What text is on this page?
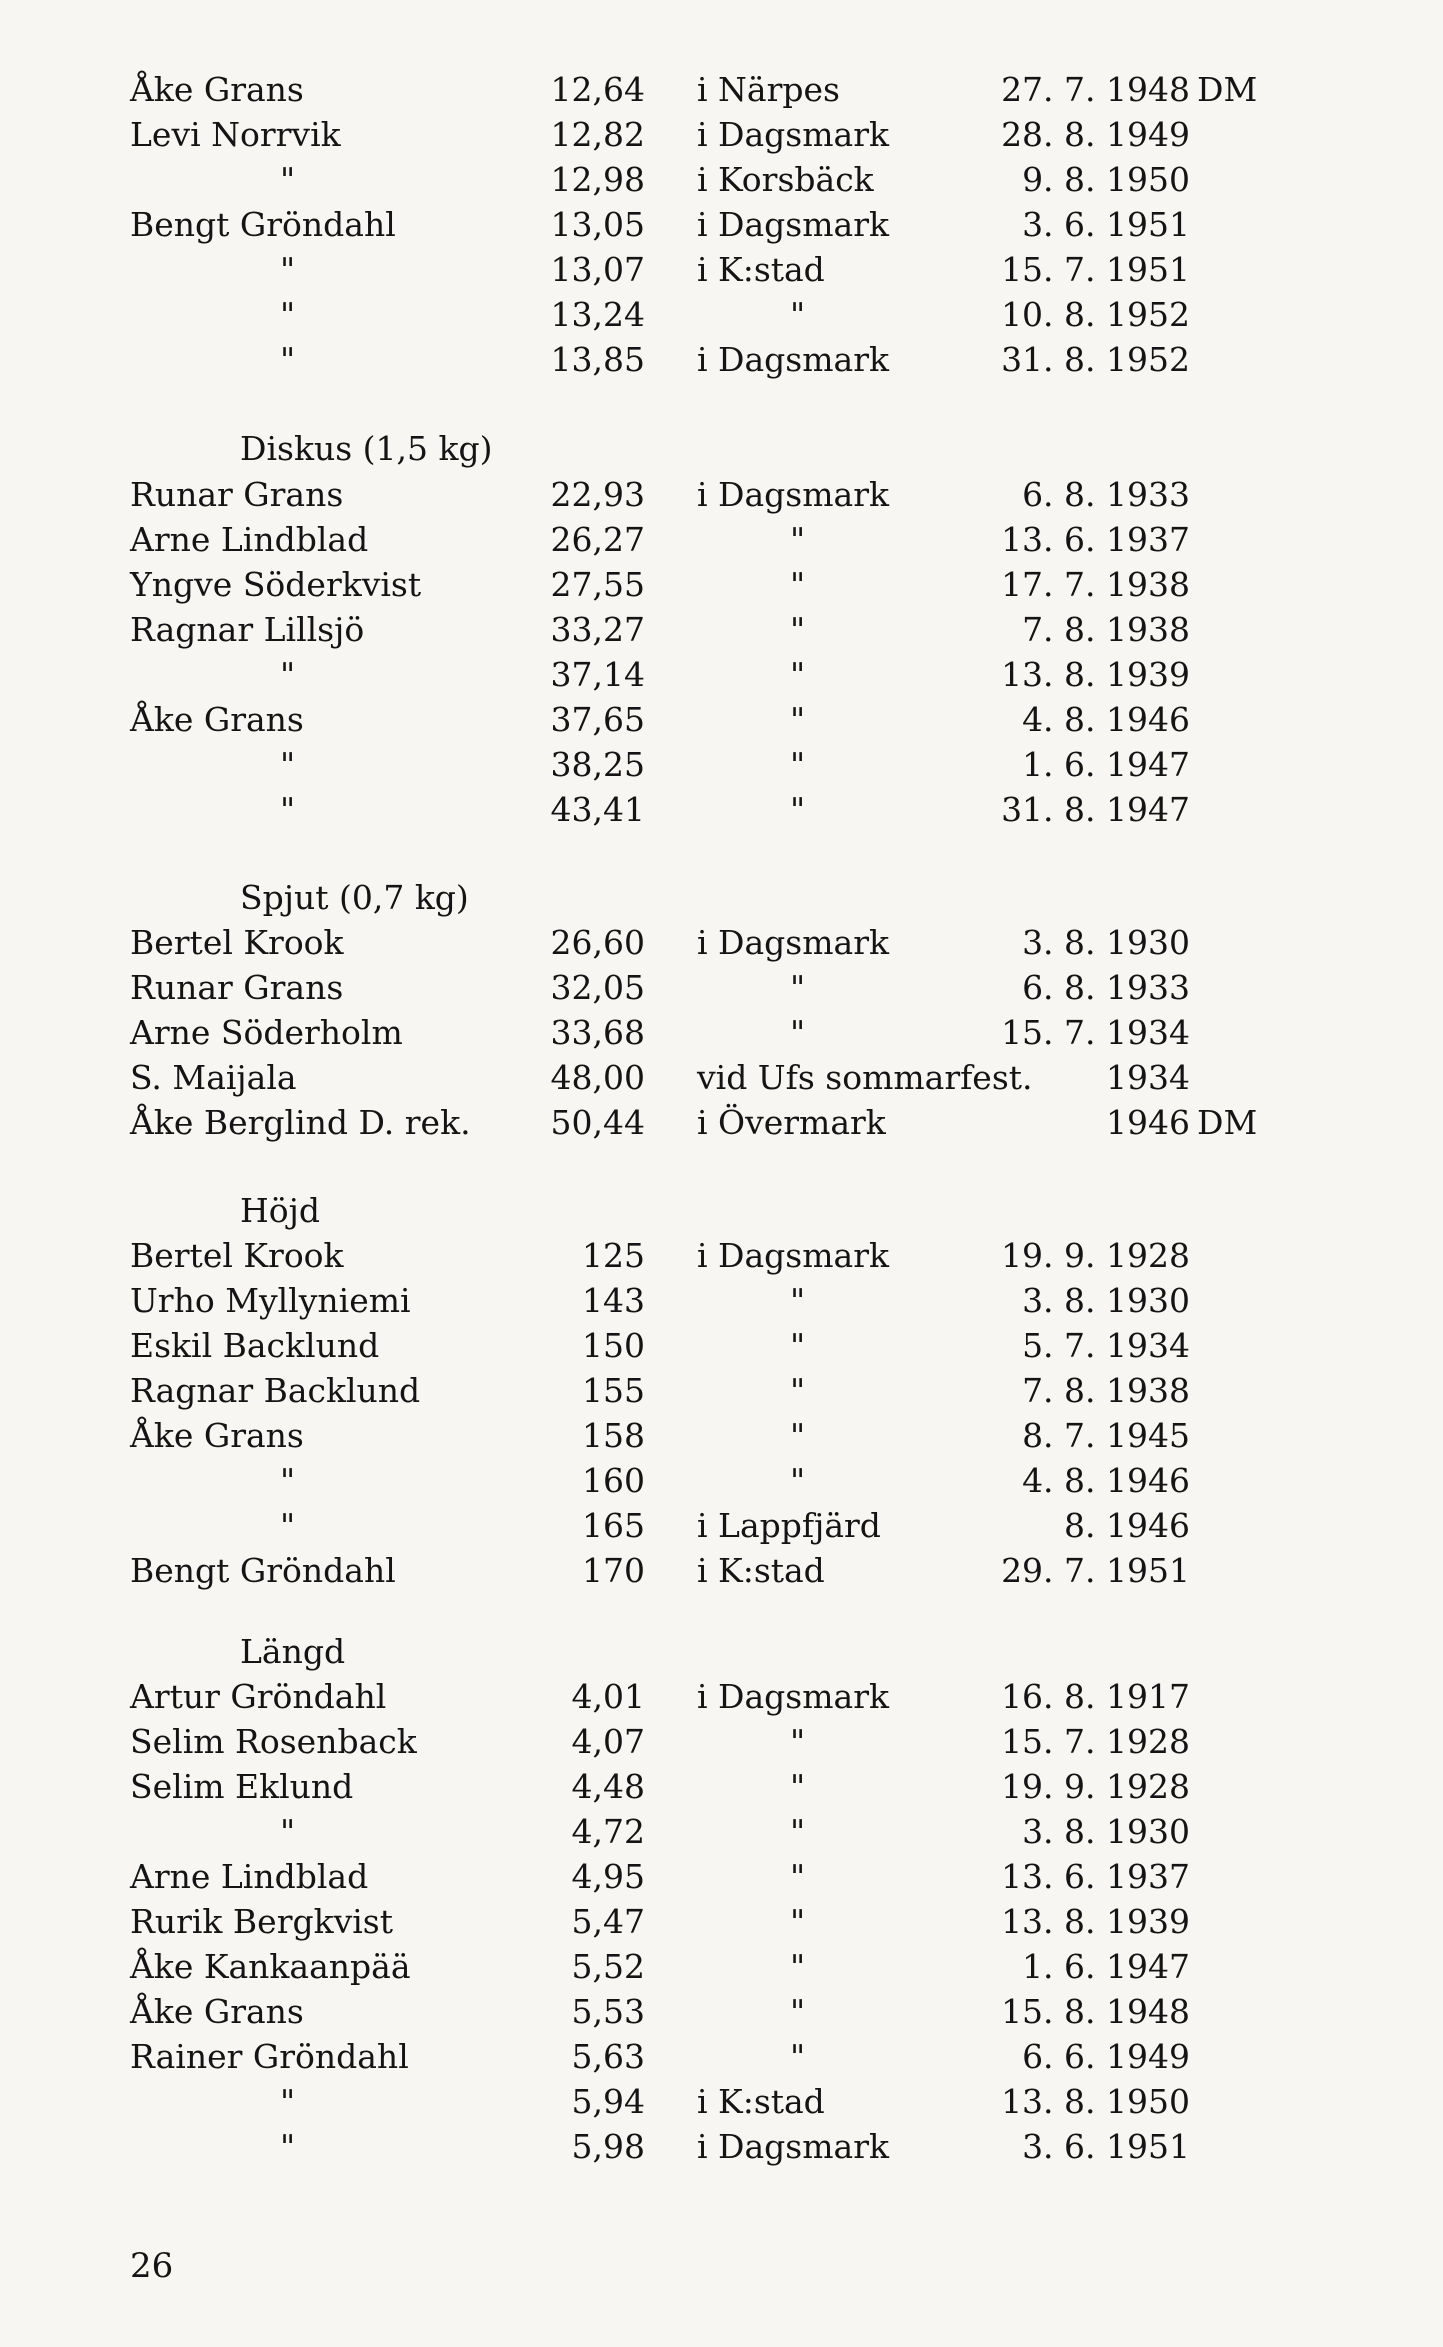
Åke Grans	12,64 i Närpes	27. 7. 1948 DM
Levi Norrvik	12,82 i Dagsmark	28. 8. 1949
"	12,98 i Korsbäck	9. 8. 1950
Bengt Gröndahl	13,05 i Dagsmark	3. 6. 1951
"	13,07 i K:stad	15. 7. 1951
"	13,24	"	10. 8. 1952
"	13,85 i Dagsmark	31. 8. 1952
Diskus (1,5 kg)
Runar Grans	22,93 i Dagsmark	6. 8. 1933
Arne Lindblad	26,27	"	13. 6. 1937
Yngve Söderkvist	27,55	"	17. 7. 1938
Ragnar Lillsjö	33,27	"	7. 8. 1938
"	37,14	"	13. 8. 1939
Åke Grans	37,65	"	4. 8. 1946
"	38,25	"	1. 6. 1947
"	43,41	"	31. 8. 1947
Spjut (0,7 kg)
Bertel Krook	26,60 i Dagsmark	3. 8. 1930
Runar Grans	32,05	"	6. 8. 1933
Arne Söderholm	33,68	"	15. 7. 1934
S. Maijala	48,00 vid Ufs sommarfest.	1934
Åke Berglind D. rek.	50,44 i Övermark	1946 DM
Höjd
Bertel Krook	125 i Dagsmark	19. 9. 1928
Urho Myllyniemi	143	"	3. 8. 1930
Eskil Backlund	150	"	5. 7. 1934
Ragnar Backlund	155	"	7. 8. 1938
Åke Grans	158	"	8. 7. 1945
"	160	"	4. 8. 1946
"	165 i Lappfjärd	8. 1946
Bengt Gröndahl	170 i K:stad	29. 7. 1951
Längd
Artur Gröndahl	4,01 i Dagsmark	16. 8. 1917
Selim Rosenback	4,07	"	15. 7. 1928
Selim Eklund	4,48	"	19. 9. 1928
"	4,72	"	3. 8. 1930
Arne Lindblad	4,95	"	13. 6. 1937
Rurik Bergkvist	5,47	"	13. 8. 1939
Åke Kankaanpää	5,52	"	1. 6. 1947
Åke Grans	5,53	"	15. 8. 1948
Rainer Gröndahl	5,63	"	6. 6. 1949
"	5,94 i K:stad	13. 8. 1950
"	5,98 i Dagsmark	3. 6. 1951
26
